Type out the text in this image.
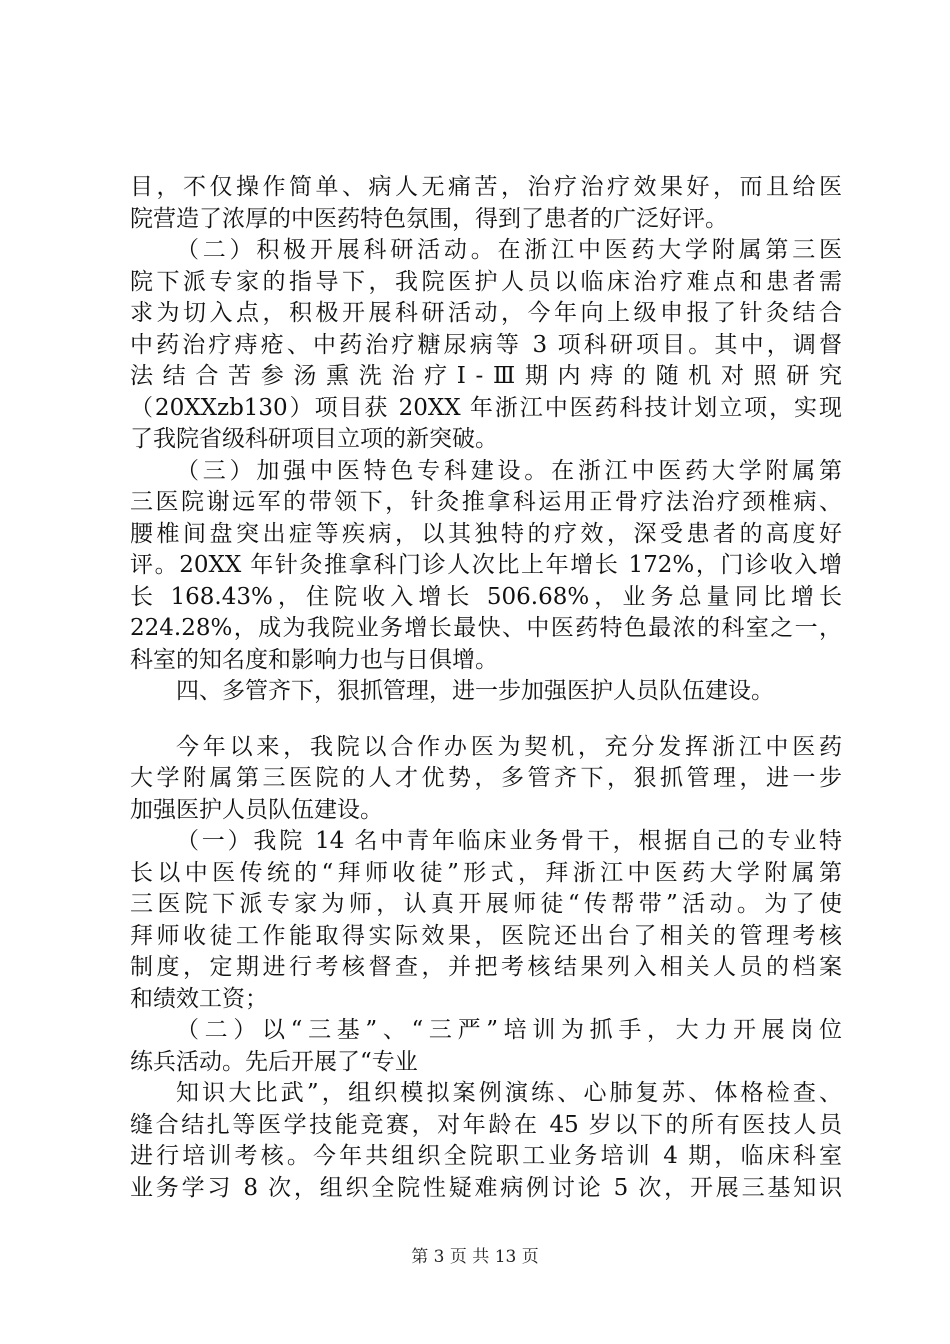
目，不仅操作简单、病人无痛苦，治疗治疗效果好，而且给医
院营造了浓厚的中医药特色氛围，得到了患者的广泛好评。
（二）积极开展科研活动。在浙江中医药大学附属第三医
院下派专家的指导下，我院医护人员以临床治疗难点和患者需
求为切入点，积极开展科研活动，今年向上级申报了针灸结合
中药治疗痔疮、中药治疗糖尿病等 3 项科研项目。其中，调督
法结合苦参汤熏洗治疗Ⅰ-Ⅲ期内痔的随机对照研究
（20XXzb130）项目获 20XX 年浙江中医药科技计划立项，实现
了我院省级科研项目立项的新突破。
（三）加强中医特色专科建设。在浙江中医药大学附属第
三医院谢远军的带领下，针灸推拿科运用正骨疗法治疗颈椎病、
腰椎间盘突出症等疾病，以其独特的疗效，深受患者的高度好
评。20XX 年针灸推拿科门诊人次比上年增长 172%，门诊收入增
长 168.43%，住院收入增长 506.68%，业务总量同比增长
224.28%，成为我院业务增长最快、中医药特色最浓的科室之一，
科室的知名度和影响力也与日俱增。
四、多管齐下，狠抓管理，进一步加强医护人员队伍建设。
今年以来，我院以合作办医为契机，充分发挥浙江中医药
大学附属第三医院的人才优势，多管齐下，狠抓管理，进一步
加强医护人员队伍建设。
（一）我院 14 名中青年临床业务骨干，根据自己的专业特
长以中医传统的“拜师收徒”形式，拜浙江中医药大学附属第
三医院下派专家为师，认真开展师徒“传帮带”活动。为了使
拜师收徒工作能取得实际效果，医院还出台了相关的管理考核
制度，定期进行考核督查，并把考核结果列入相关人员的档案
和绩效工资；
（二）以“三基”、“三严”培训为抓手，大力开展岗位
练兵活动。先后开展了“专业
知识大比武”，组织模拟案例演练、心肺复苏、体格检查、
缝合结扎等医学技能竞赛，对年龄在 45 岁以下的所有医技人员
进行培训考核。今年共组织全院职工业务培训 4 期，临床科室
业务学习 8 次，组织全院性疑难病例讨论 5 次，开展三基知识
第 3 页 共 13 页
